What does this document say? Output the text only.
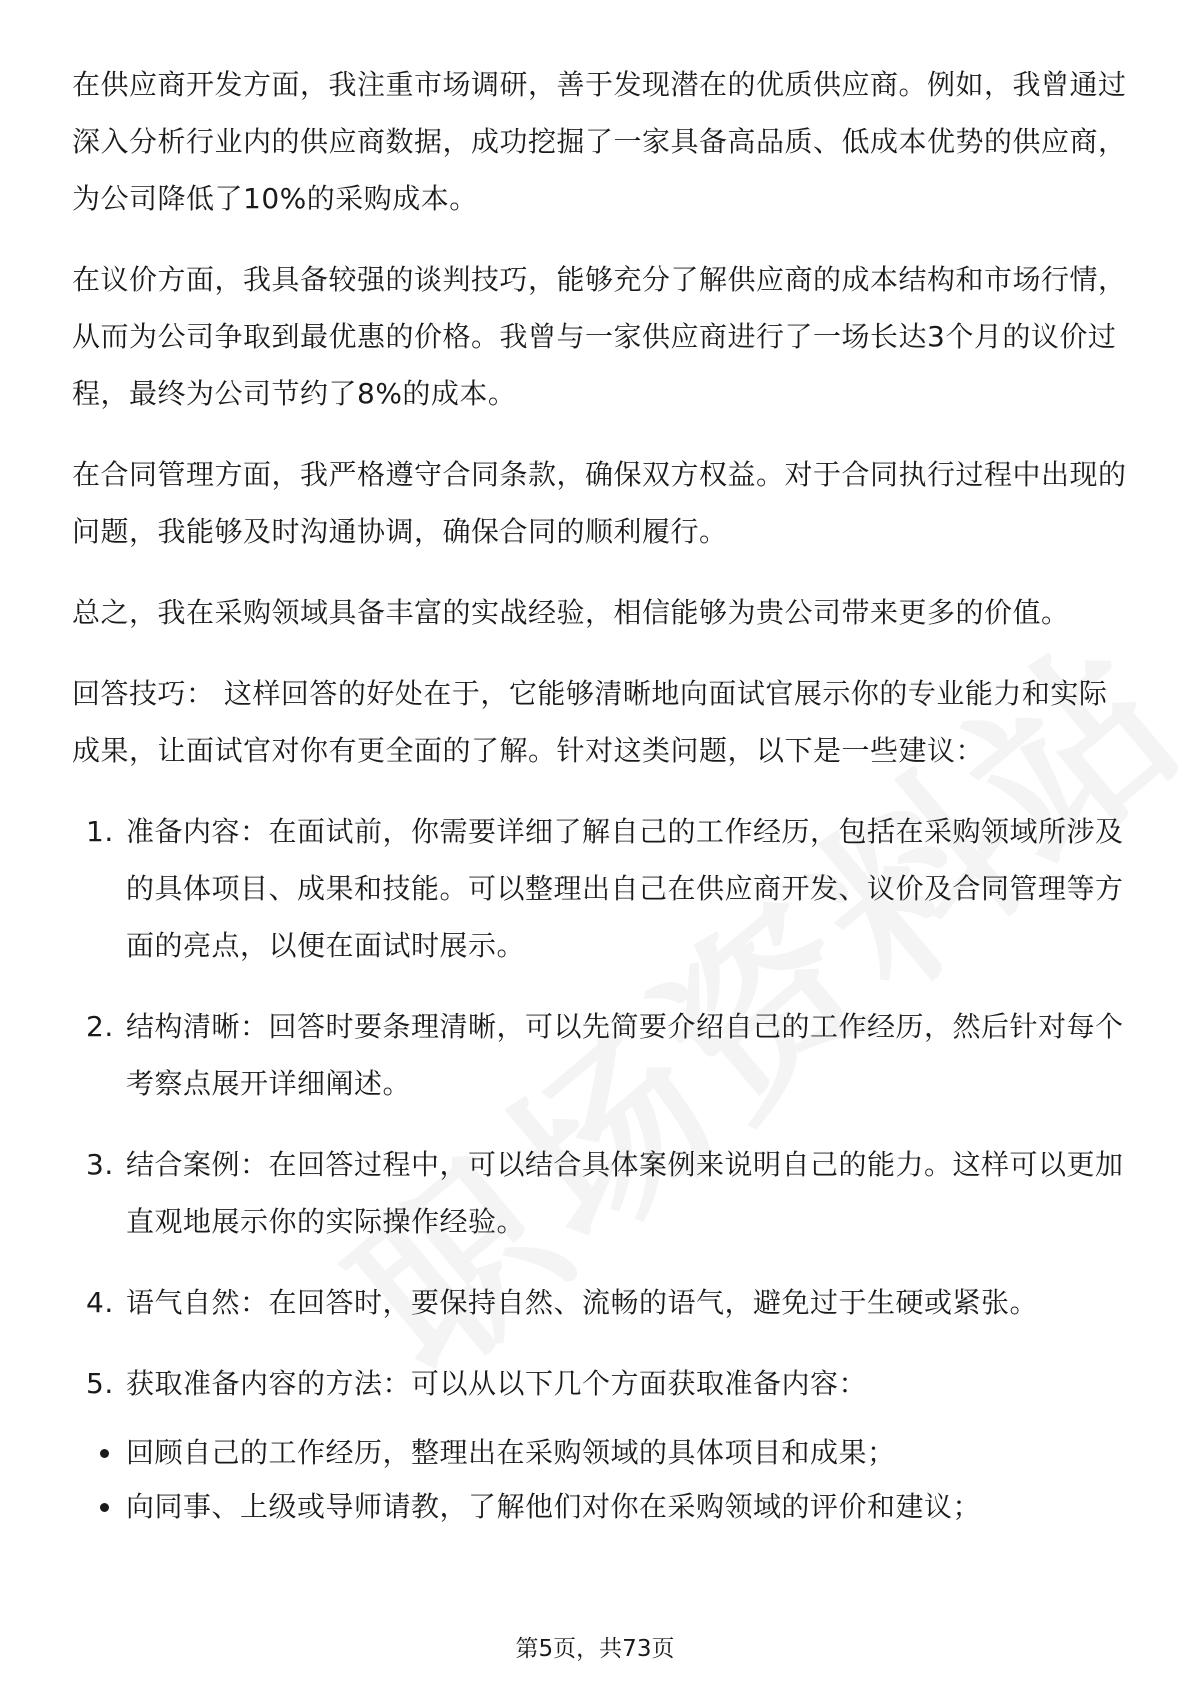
在供应商开发方面，我注重市场调研，善于发现潜在的优质供应商。例如，我曾通过深入分析行业内的供应商数据，成功挖掘了一家具备高品质、低成本优势的供应商，为公司降低了10%的采购成本。

在议价方面，我具备较强的谈判技巧，能够充分了解供应商的成本结构和市场行情，从而为公司争取到最优惠的价格。我曾与一家供应商进行了一场长达3个月的议价过程，最终为公司节约了8%的成本。

在合同管理方面，我严格遵守合同条款，确保双方权益。对于合同执行过程中出现的问题，我能够及时沟通协调，确保合同的顺利履行。

总之，我在采购领域具备丰富的实战经验，相信能够为贵公司带来更多的价值。

回答技巧： 这样回答的好处在于，它能够清晰地向面试官展示你的专业能力和实际成果，让面试官对你有更全面的了解。针对这类问题，以下是一些建议：

1. 准备内容：在面试前，你需要详细了解自己的工作经历，包括在采购领域所涉及的具体项目、成果和技能。可以整理出自己在供应商开发、议价及合同管理等方面的亮点，以便在面试时展示。
2. 结构清晰：回答时要条理清晰，可以先简要介绍自己的工作经历，然后针对每个考察点展开详细阐述。
3. 结合案例：在回答过程中，可以结合具体案例来说明自己的能力。这样可以更加直观地展示你的实际操作经验。
4. 语气自然：在回答时，要保持自然、流畅的语气，避免过于生硬或紧张。
5. 获取准备内容的方法：可以从以下几个方面获取准备内容：
回顾自己的工作经历，整理出在采购领域的具体项目和成果；
向同事、上级或导师请教，了解他们对你在采购领域的评价和建议；
第5页，共73页
